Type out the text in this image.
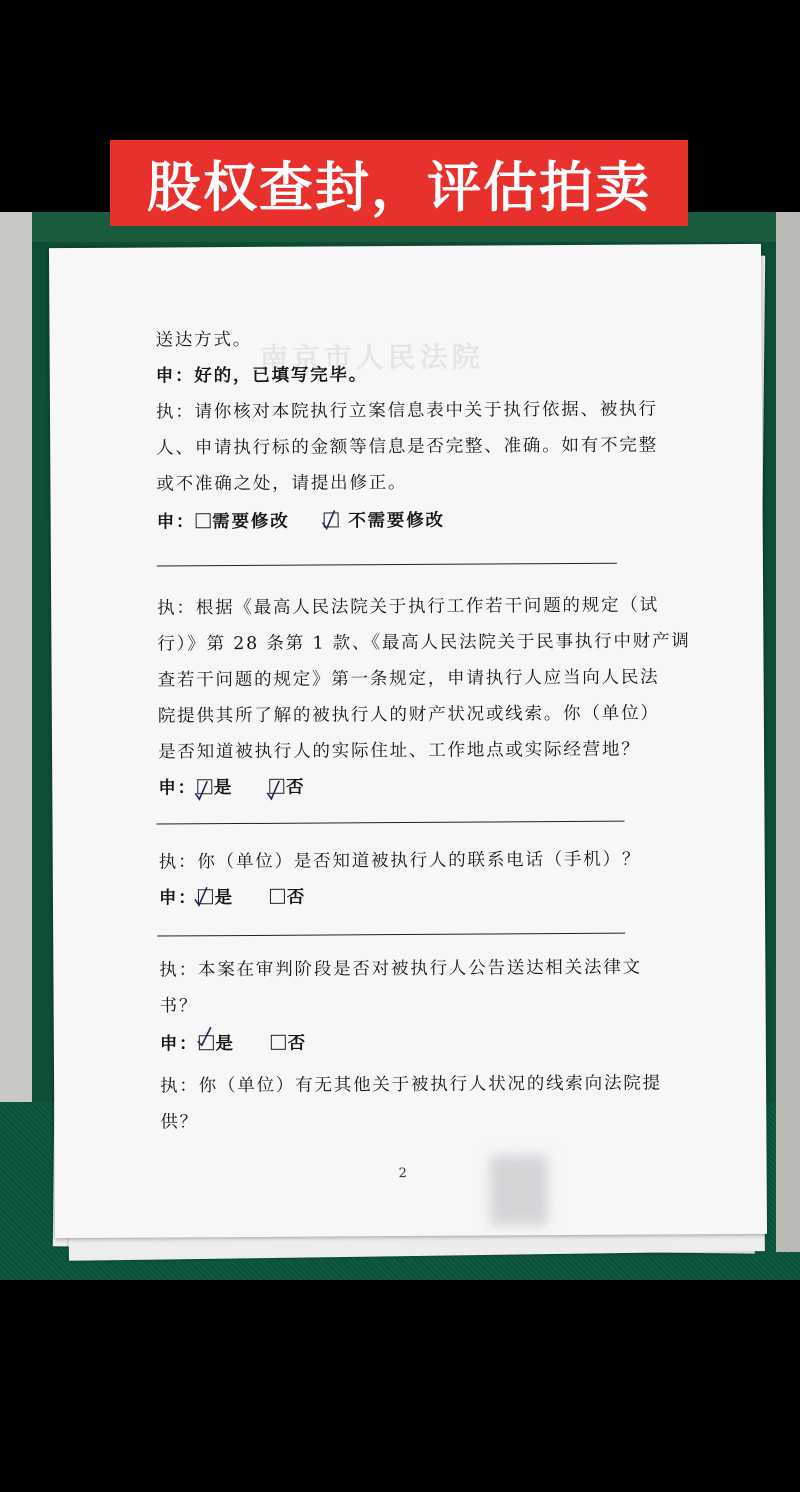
南京市人民法院
送达方式。
申：好的，已填写完毕。
执：请你核对本院执行立案信息表中关于执行依据、被执行
人、申请执行标的金额等信息是否完整、准确。如有不完整
或不准确之处，请提出修正。
申： 需要修改	不需要修改
执：根据《最高人民法院关于执行工作若干问题的规定（试
行）》第 28 条第 1 款、《最高人民法院关于民事执行中财产调
查若干问题的规定》第一条规定，申请执行人应当向人民法
院提供其所了解的被执行人的财产状况或线索。你（单位）
是否知道被执行人的实际住址、工作地点或实际经营地？
申： 是	否
执：你（单位）是否知道被执行人的联系电话（手机）？
申： 是	否
执：本案在审判阶段是否对被执行人公告送达相关法律文
书？
申： 是	否
执：你（单位）有无其他关于被执行人状况的线索向法院提
供？
2
股权查封，评估拍卖
